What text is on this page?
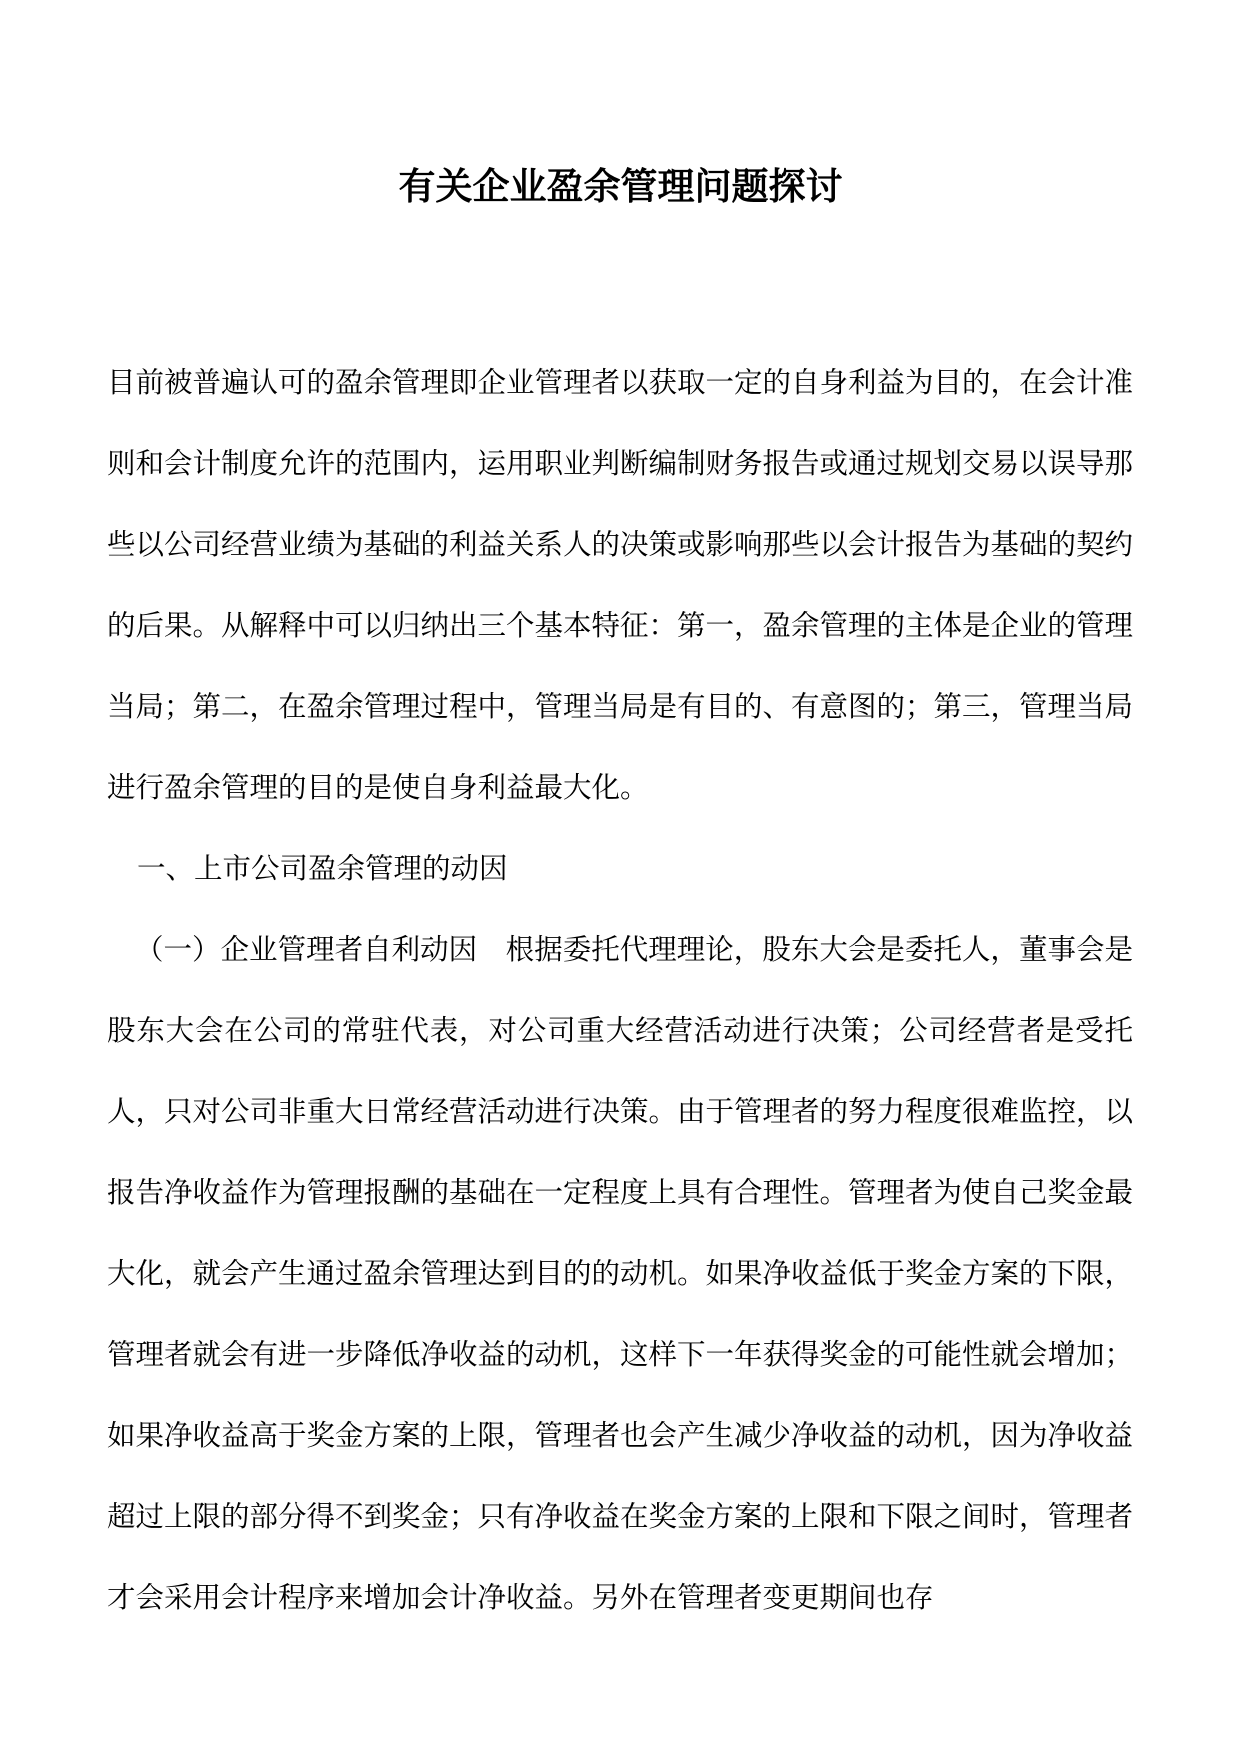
有关企业盈余管理问题探讨

目前被普遍认可的盈余管理即企业管理者以获取一定的自身利益为目的，在会计准则和会计制度允许的范围内，运用职业判断编制财务报告或通过规划交易以误导那些以公司经营业绩为基础的利益关系人的决策或影响那些以会计报告为基础的契约的后果。从解释中可以归纳出三个基本特征：第一，盈余管理的主体是企业的管理当局；第二，在盈余管理过程中，管理当局是有目的、有意图的；第三，管理当局进行盈余管理的目的是使自身利益最大化。

一、上市公司盈余管理的动因

（一）企业管理者自利动因　根据委托代理理论，股东大会是委托人，董事会是股东大会在公司的常驻代表，对公司重大经营活动进行决策；公司经营者是受托人，只对公司非重大日常经营活动进行决策。由于管理者的努力程度很难监控，以报告净收益作为管理报酬的基础在一定程度上具有合理性。管理者为使自己奖金最大化，就会产生通过盈余管理达到目的的动机。如果净收益低于奖金方案的下限，管理者就会有进一步降低净收益的动机，这样下一年获得奖金的可能性就会增加；如果净收益高于奖金方案的上限，管理者也会产生减少净收益的动机，因为净收益超过上限的部分得不到奖金；只有净收益在奖金方案的上限和下限之间时，管理者才会采用会计程序来增加会计净收益。另外在管理者变更期间也存
